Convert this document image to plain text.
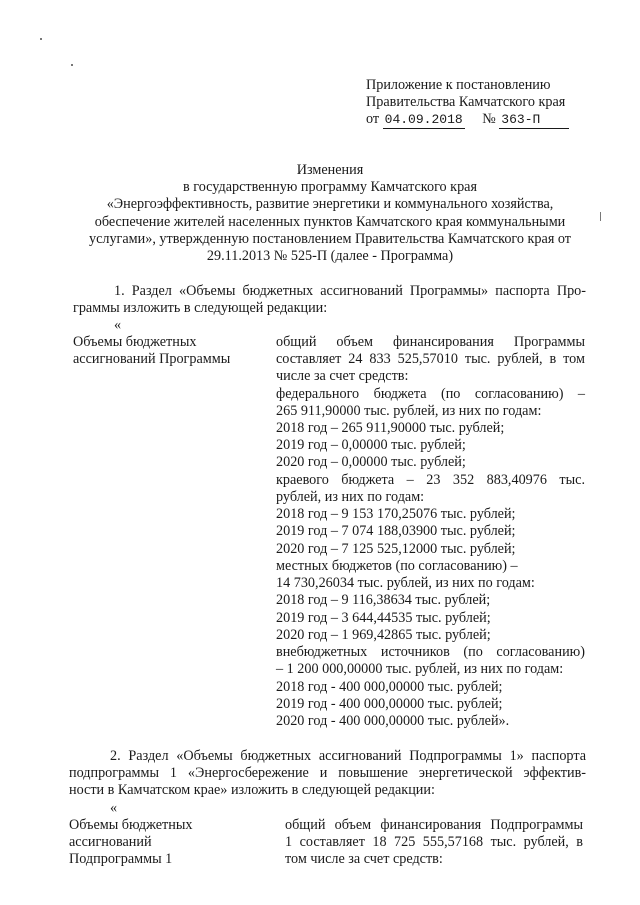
Приложение к постановлению
Правительства Камчатского края
от 04.09.2018 № 363-П
Изменения
в государственную программу Камчатского края
«Энергоэффективность, развитие энергетики и коммунального хозяйства,
обеспечение жителей населенных пунктов Камчатского края коммунальными
услугами», утвержденную постановлением Правительства Камчатского края от
29.11.2013 № 525-П (далее - Программа)
1. Раздел «Объемы бюджетных ассигнований Программы» паспорта Про-
граммы изложить в следующей редакции:
«
Объемы бюджетных
ассигнований Программы
общий объем финансирования Программы
составляет 24 833 525,57010 тыс. рублей, в том
числе за счет средств:
федерального бюджета (по согласованию) –
265 911,90000 тыс. рублей, из них по годам:
2018 год – 265 911,90000 тыс. рублей;
2019 год – 0,00000 тыс. рублей;
2020 год – 0,00000 тыс. рублей;
краевого бюджета – 23 352 883,40976 тыс.
рублей, из них по годам:
2018 год – 9 153 170,25076 тыс. рублей;
2019 год – 7 074 188,03900 тыс. рублей;
2020 год – 7 125 525,12000 тыс. рублей;
местных бюджетов (по согласованию) –
14 730,26034 тыс. рублей, из них по годам:
2018 год – 9 116,38634 тыс. рублей;
2019 год – 3 644,44535 тыс. рублей;
2020 год – 1 969,42865 тыс. рублей;
внебюджетных источников (по согласованию)
– 1 200 000,00000 тыс. рублей, из них по годам:
2018 год - 400 000,00000 тыс. рублей;
2019 год - 400 000,00000 тыс. рублей;
2020 год - 400 000,00000 тыс. рублей».
2. Раздел «Объемы бюджетных ассигнований Подпрограммы 1» паспорта
подпрограммы 1 «Энергосбережение и повышение энергетической эффектив-
ности в Камчатском крае» изложить в следующей редакции:
«
Объемы бюджетных
ассигнований
Подпрограммы 1
общий объем финансирования Подпрограммы
1 составляет 18 725 555,57168 тыс. рублей, в
том числе за счет средств:
